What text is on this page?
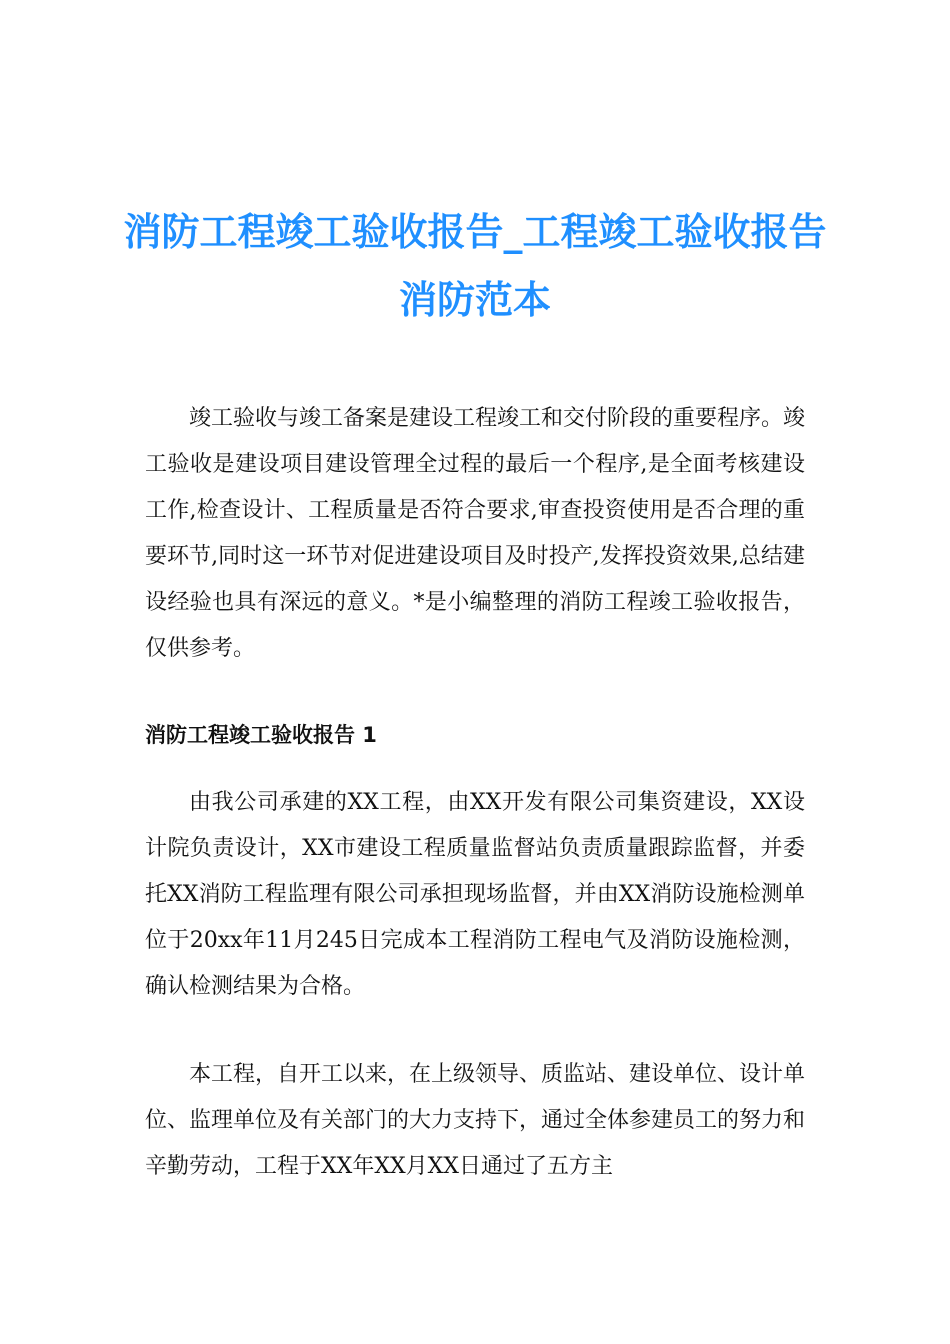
消防工程竣工验收报告_工程竣工验收报告消防范本

竣工验收与竣工备案是建设工程竣工和交付阶段的重要程序。竣工验收是建设项目建设管理全过程的最后一个程序,是全面考核建设工作,检查设计、工程质量是否符合要求,审查投资使用是否合理的重要环节,同时这一环节对促进建设项目及时投产,发挥投资效果,总结建设经验也具有深远的意义。*是小编整理的消防工程竣工验收报告，仅供参考。

消防工程竣工验收报告 1

由我公司承建的XX工程，由XX开发有限公司集资建设，XX设计院负责设计，XX市建设工程质量监督站负责质量跟踪监督，并委托XX消防工程监理有限公司承担现场监督，并由XX消防设施检测单位于20xx年11月245日完成本工程消防工程电气及消防设施检测，确认检测结果为合格。

本工程，自开工以来，在上级领导、质监站、建设单位、设计单位、监理单位及有关部门的大力支持下，通过全体参建员工的努力和辛勤劳动，工程于XX年XX月XX日通过了五方主
